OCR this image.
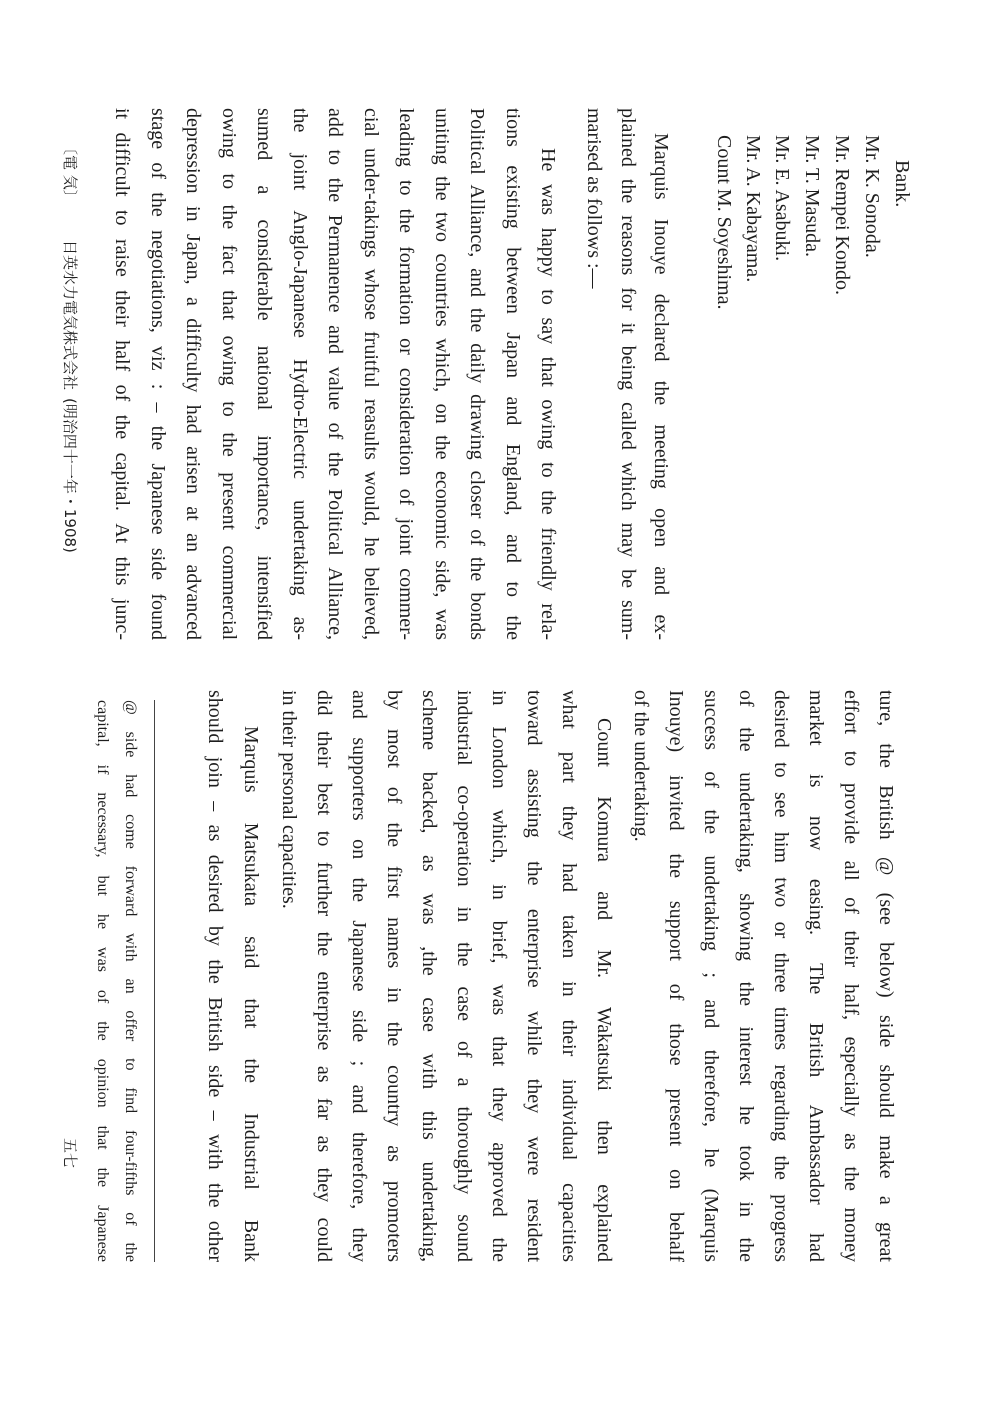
Bank.
Mr. K. Sonoda.
Mr. Rempei Kondo.
Mr. T. Masuda.
Mr. E. Asabuki.
Mr. A. Kabayama.
Count M. Soyeshima.
Marquis Inouye declared the meeting open and ex-
plained the reasons for it being called which may be sum-
marised as follows :—
He was happy to say that owing to the friendly rela-
tions existing between Japan and England, and to the
Political Alliance, and the daily drawing closer of the bonds
uniting the two countries which, on the economic side, was
leading to the formation or consideration of joint commer-
cial under-takings whose fruitful reasults would, he believed,
add to the Permanence and value of the Political Alliance,
the joint Anglo-Japanese Hydro-Electric undertaking as-
sumed a considerable national importance, intensified
owing to the fact that owing to the present commercial
depression in Japan, a difficulty had arisen at an advanced
stage of the negotiations, viz : – the Japanese side found
it difficult to raise their half of the capital. At this junc-
ture, the British @ (see below) side should make a great
effort to provide all of their half, especially as the money
market is now easing. The British Ambassador had
desired to see him two or three times regarding the progress
of the undertaking, showing the interest he took in the
success of the undertaking ; and therefore, he (Marquis
Inouye) invited the support of those present on behalf
of the undertaking.
Count Komura and Mr. Wakatsuki then explained
what part they had taken in their individual capacities
toward assisting the enterprise while they were resident
in London which, in brief, was that they approved the
industrial co-operation in the case of a thoroughly sound
scheme backed, as was ,the case with this undertaking,
by most of the first names in the country as promoters
and supporters on the Japanese side ; and therefore, they
did their best to further the enterprise as far as they could
in their personal capacities.
Marquis Matsukata said that the Industrial Bank
should join – as desired by the British side – with the other
@ side had come forward with an offer to find four-fifths of the
capital, if necessary, but he was of the opinion that the Japanese
〔電 気〕
日英水力電気株式会社
(明治四十一年・1908)
五七
